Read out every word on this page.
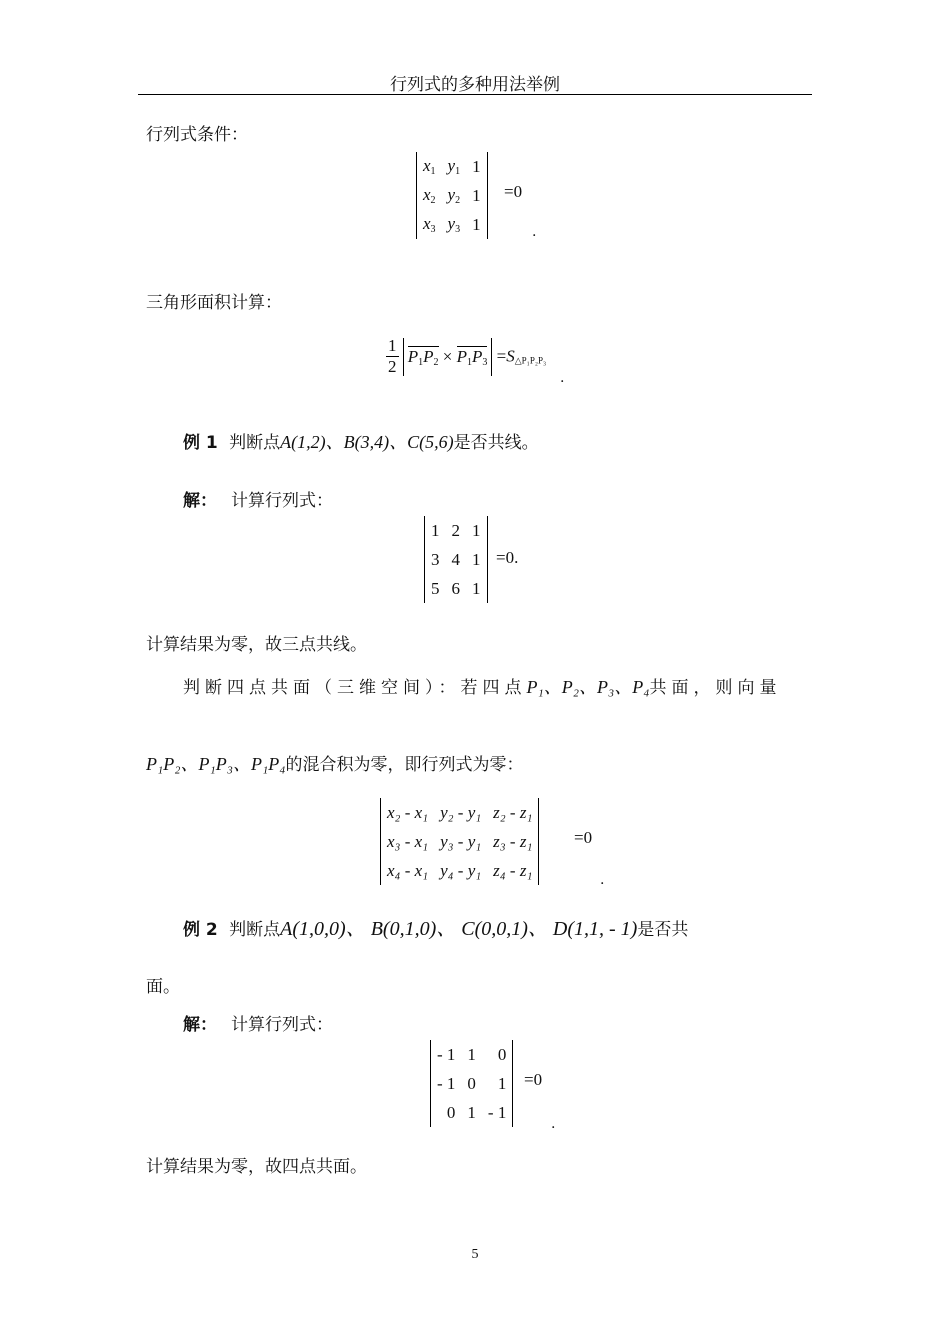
行列式的多种用法举例
行列式条件：
$x_1$	$y_1$	1
$x_2$	$y_2$	1
$x_3$	$y_3$	1
=0
.
三角形面积计算：
$\frac{1}{2} P_1P_2 \times P_1P_3 =S_{\triangle P_1P_2P_3}$
.
例 1 判断点A(1,2)、B(3,4)、C(5,6)是否共线。
解： 计算行列式：
1	2	1
3	4	1
5	6	1
=0.
计算结果为零，故三点共线。
判断四点共面（三维空间）：若四点P₁、P₂、P₃、P₄共面，则向量
P₁P₂、P₁P₃、P₁P₄的混合积为零，即行列式为零：
x₂ - x₁	y₂ - y₁	z₂ - z₁
x₃ - x₁	y₃ - y₁	z₃ - z₁
x₄ - x₁	y₄ - y₁	z₄ - z₁
=0
.
例 2 判断点A(1,0,0)、 B(0,1,0)、 C(0,0,1)、 D(1,1, - 1)是否共
面。
解： 计算行列式：
- 1	1	0
- 1	0	1
0	1	- 1
=0
.
计算结果为零，故四点共面。
5
